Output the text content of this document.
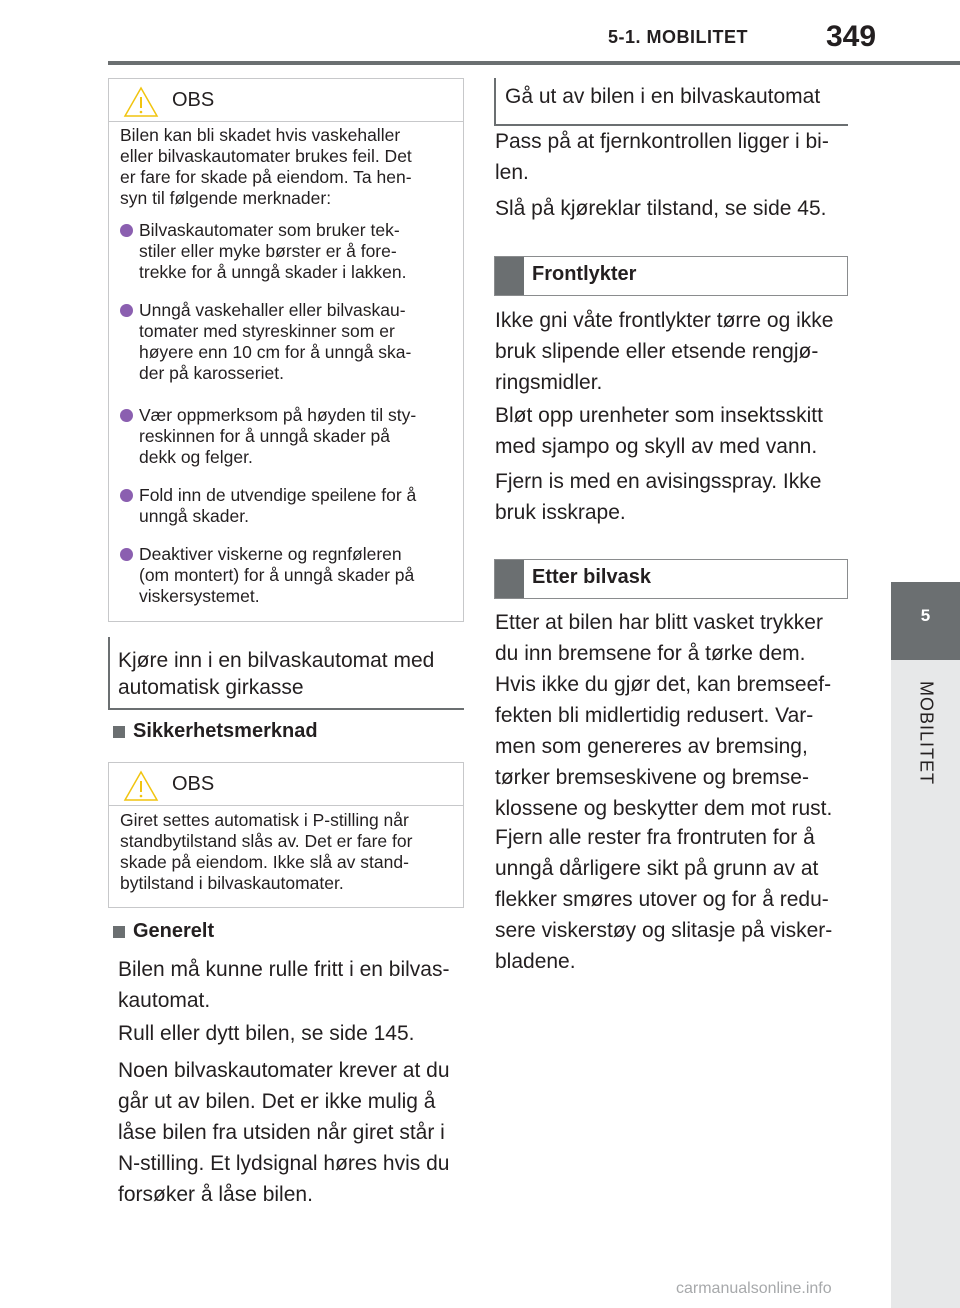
5-1. MOBILITET	349
5
MOBILITET
OBS
Bilen kan bli skadet hvis vaskehaller
eller bilvaskautomater brukes feil. Det
er fare for skade på eiendom. Ta hen-
syn til følgende merknader:
Bilvaskautomater som bruker tek-
stiler eller myke børster er å fore-
trekke for å unngå skader i lakken.
Unngå vaskehaller eller bilvaskau-
tomater med styreskinner som er
høyere enn 10 cm for å unngå ska-
der på karosseriet.
Vær oppmerksom på høyden til sty-
reskinnen for å unngå skader på
dekk og felger.
Fold inn de utvendige speilene for å
unngå skader.
Deaktiver viskerne og regnføleren
(om montert) for å unngå skader på
viskersystemet.
Kjøre inn i en bilvaskautomat med
automatisk girkasse
Sikkerhetsmerknad
OBS
Giret settes automatisk i P-stilling når
standbytilstand slås av. Det er fare for
skade på eiendom. Ikke slå av stand-
bytilstand i bilvaskautomater.
Generelt
Bilen må kunne rulle fritt i en bilvas-
kautomat.
Rull eller dytt bilen, se side 145.
Noen bilvaskautomater krever at du
går ut av bilen. Det er ikke mulig å
låse bilen fra utsiden når giret står i
N-stilling. Et lydsignal høres hvis du
forsøker å låse bilen.
Gå ut av bilen i en bilvaskautomat
Pass på at fjernkontrollen ligger i bi-
len.
Slå på kjøreklar tilstand, se side 45.
Frontlykter
Ikke gni våte frontlykter tørre og ikke
bruk slipende eller etsende rengjø-
ringsmidler.
Bløt opp urenheter som insektsskitt
med sjampo og skyll av med vann.
Fjern is med en avisingsspray. Ikke
bruk isskrape.
Etter bilvask
Etter at bilen har blitt vasket trykker
du inn bremsene for å tørke dem.
Hvis ikke du gjør det, kan bremseef-
fekten bli midlertidig redusert. Var-
men som genereres av bremsing,
tørker bremseskivene og bremse-
klossene og beskytter dem mot rust.
Fjern alle rester fra frontruten for å
unngå dårligere sikt på grunn av at
flekker smøres utover og for å redu-
sere viskerstøy og slitasje på visker-
bladene.
carmanualsonline.info
